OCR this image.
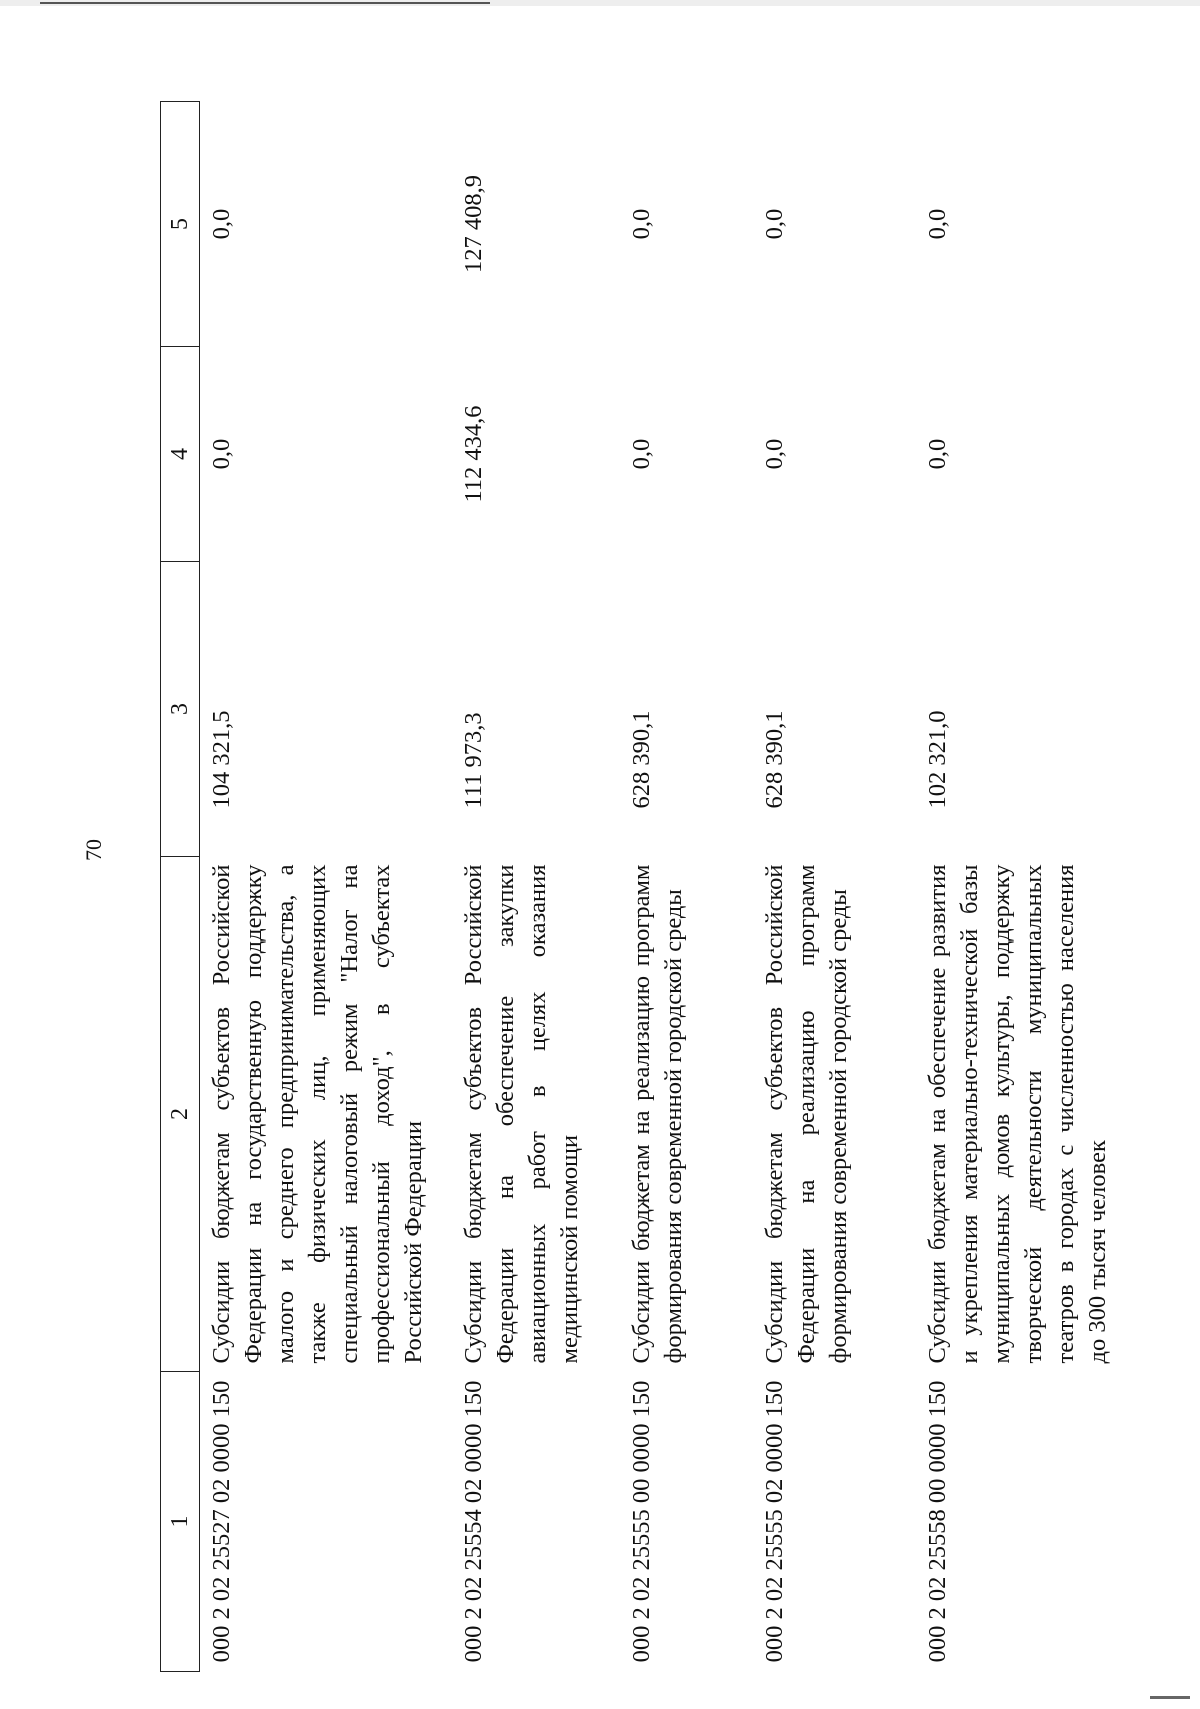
70
1	2	3	4	5
000 2 02 25527 02 0000 150	Субсидии бюджетам субъектов Российской Федерации на государственную поддержку малого и среднего предпринимательства, а также физических лиц, применяющих специальный налоговый режим "Налог на профессиональный доход", в субъектах Российской Федерации	104 321,5	0,0	0,0
000 2 02 25554 02 0000 150	Субсидии бюджетам субъектов Российской Федерации на обеспечение закупки авиационных работ в целях оказания медицинской помощи	111 973,3	112 434,6	127 408,9
000 2 02 25555 00 0000 150	Субсидии бюджетам на реализацию программ формирования современной городской среды	628 390,1	0,0	0,0
000 2 02 25555 02 0000 150	Субсидии бюджетам субъектов Российской Федерации на реализацию программ формирования современной городской среды	628 390,1	0,0	0,0
000 2 02 25558 00 0000 150	Субсидии бюджетам на обеспечение развития и укрепления материально-технической базы муниципальных домов культуры, поддержку творческой деятельности муниципальных театров в городах с численностью населения до 300 тысяч человек	102 321,0	0,0	0,0
